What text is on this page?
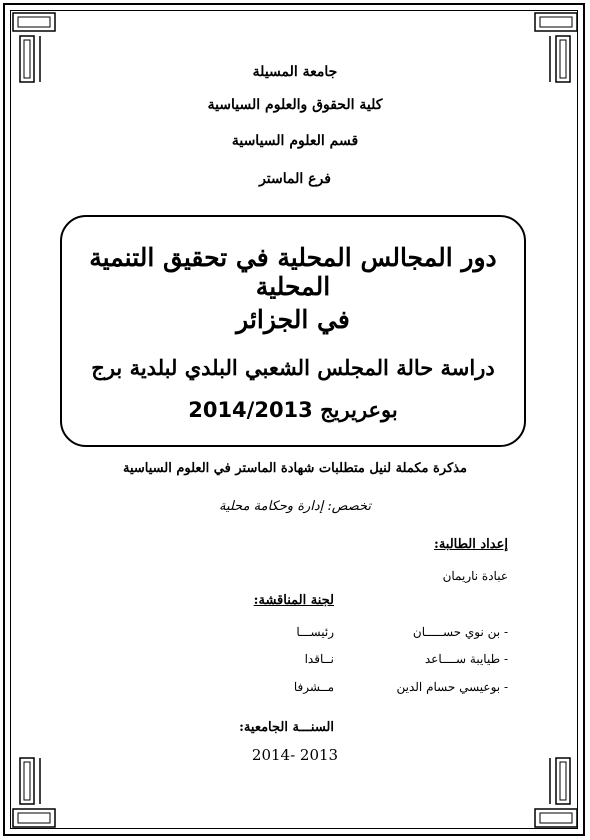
جامعة المسيلة
كلية الحقوق والعلوم السياسية
قسم العلوم السياسية
فرع الماستر
دور المجالس المحلية في تحقيق التنمية المحلية
في الجزائر
دراسة حالة المجلس الشعبي البلدي لبلدية برج
بوعريريج 2014/2013
مذكرة مكملة لنيل متطلبات شهادة الماستر في العلوم السياسية
تخصص: إدارة وحكامة محلية
إعداد الطالبة:
عبادة ناريمان
لجنة المناقشة:
- بن نوي حســـــان
رئيســـا
- طيايبة ســــاعد
نــاقدا
- بوعيسي حسام الدين
مــشرفا
السنـــة الجامعية:
2014- 2013
